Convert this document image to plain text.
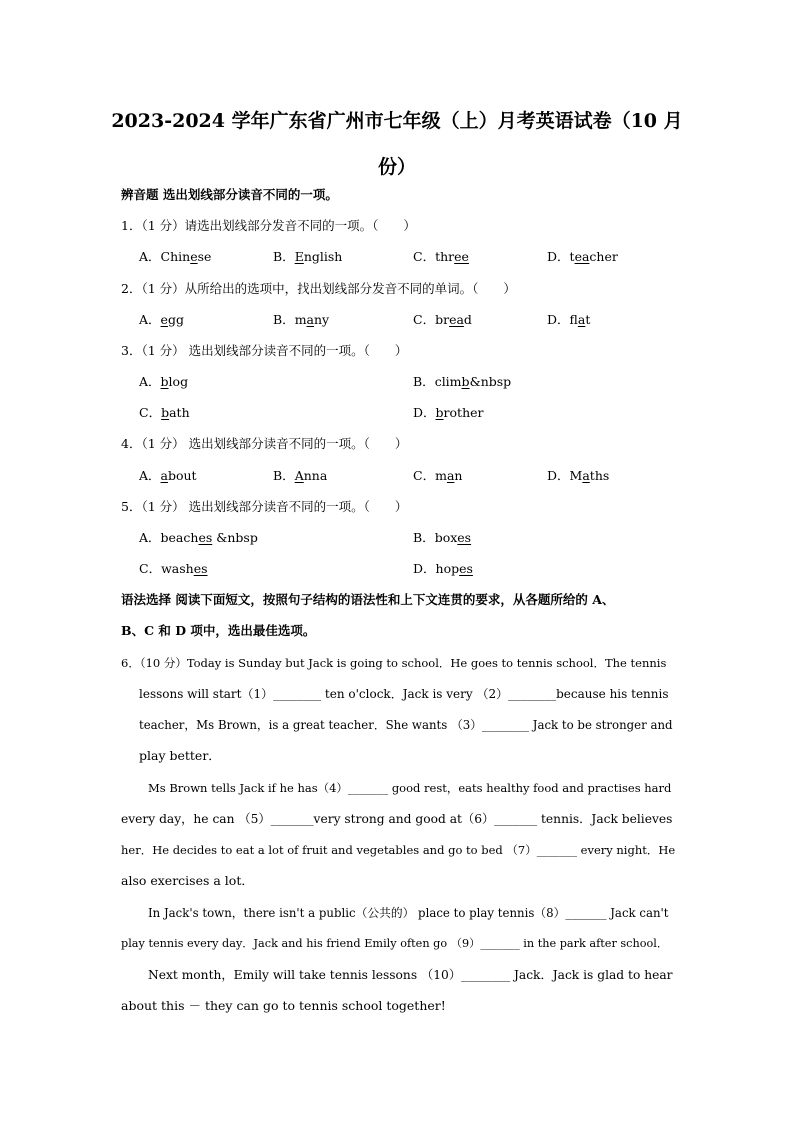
2023-2024 学年广东省广州市七年级（上）月考英语试卷（10 月
份）
辨音题 选出划线部分读音不同的一项。
1．（1 分）请选出划线部分发音不同的一项。（　　）
A．Chinese	B．English	C．three	D．teacher
2．（1 分）从所给出的选项中，找出划线部分发音不同的单词。（　　）
A．egg	B．many	C．bread	D．flat
3．（1 分） 选出划线部分读音不同的一项。（　　）
A．blog	B．climb&nbsp
C．bath	D．brother
4．（1 分） 选出划线部分读音不同的一项。（　　）
A．about	B．Anna	C．man	D．Maths
5．（1 分） 选出划线部分读音不同的一项。（　　）
A．beaches &nbsp	B．boxes
C．washes	D．hopes
语法选择 阅读下面短文，按照句子结构的语法性和上下文连贯的要求，从各题所给的 A、
B、C 和 D 项中，选出最佳选项。
6．（10 分）Today is Sunday but Jack is going to school．He goes to tennis school．The tennis
lessons will start（1）________ ten o'clock．Jack is very （2）________because his tennis
teacher，Ms Brown，is a great teacher．She wants （3）________ Jack to be stronger and
play better．
Ms Brown tells Jack if he has（4）_______ good rest，eats healthy food and practises hard
every day，he can （5）_______very strong and good at（6）_______ tennis．Jack believes
her．He decides to eat a lot of fruit and vegetables and go to bed （7）_______ every night．He
also exercises a lot．
In Jack's town，there isn't a public（公共的） place to play tennis（8）_______ Jack can't
play tennis every day．Jack and his friend Emily often go （9）_______ in the park after school．
Next month，Emily will take tennis lessons （10）________ Jack．Jack is glad to hear
about this － they can go to tennis school together!
